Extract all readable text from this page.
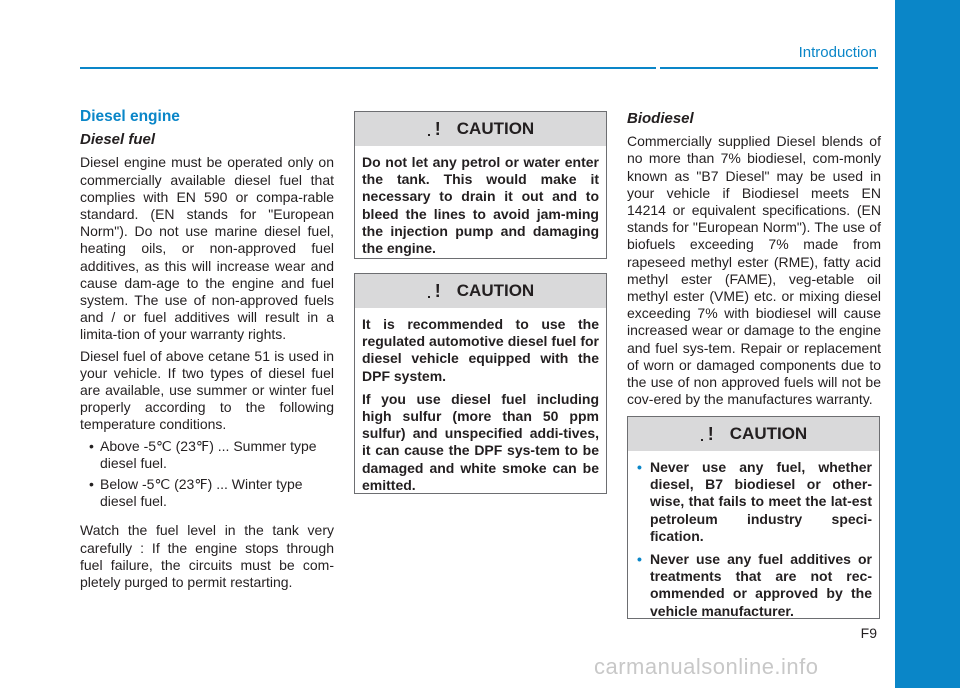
Introduction
Diesel engine
Diesel fuel

Diesel engine must be operated only on commercially available diesel fuel that complies with EN 590 or compa-rable standard. (EN stands for "European Norm"). Do not use marine diesel fuel, heating oils, or non-approved fuel additives, as this will increase wear and cause dam-age to the engine and fuel system. The use of non-approved fuels and / or fuel additives will result in a limita-tion of your warranty rights.

Diesel fuel of above cetane 51 is used in your vehicle. If two types of diesel fuel are available, use summer or winter fuel properly according to the following temperature conditions.

• Above -5℃ (23℉) ... Summer type diesel fuel.
• Below -5℃ (23℉) ... Winter type diesel fuel.

Watch the fuel level in the tank very carefully : If the engine stops through fuel failure, the circuits must be com-pletely purged to permit restarting.

! CAUTION

Do not let any petrol or water enter the tank. This would make it necessary to drain it out and to bleed the lines to avoid jam-ming the injection pump and damaging the engine.

! CAUTION

It is recommended to use the regulated automotive diesel fuel for diesel vehicle equipped with the DPF system.

If you use diesel fuel including high sulfur (more than 50 ppm sulfur) and unspecified addi-tives, it can cause the DPF sys-tem to be damaged and white smoke can be emitted.

Biodiesel

Commercially supplied Diesel blends of no more than 7% biodiesel, com-monly known as "B7 Diesel" may be used in your vehicle if Biodiesel meets EN 14214 or equivalent specifications. (EN stands for "European Norm"). The use of biofuels exceeding 7% made from rapeseed methyl ester (RME), fatty acid methyl ester (FAME), veg-etable oil methyl ester (VME) etc. or mixing diesel exceeding 7% with biodiesel will cause increased wear or damage to the engine and fuel sys-tem. Repair or replacement of worn or damaged components due to the use of non approved fuels will not be cov-ered by the manufactures warranty.

! CAUTION
• Never use any fuel, whether diesel, B7 biodiesel or other-wise, that fails to meet the lat-est petroleum industry speci-fication.
• Never use any fuel additives or treatments that are not rec-ommended or approved by the vehicle manufacturer.
F9
carmanualsonline.info
